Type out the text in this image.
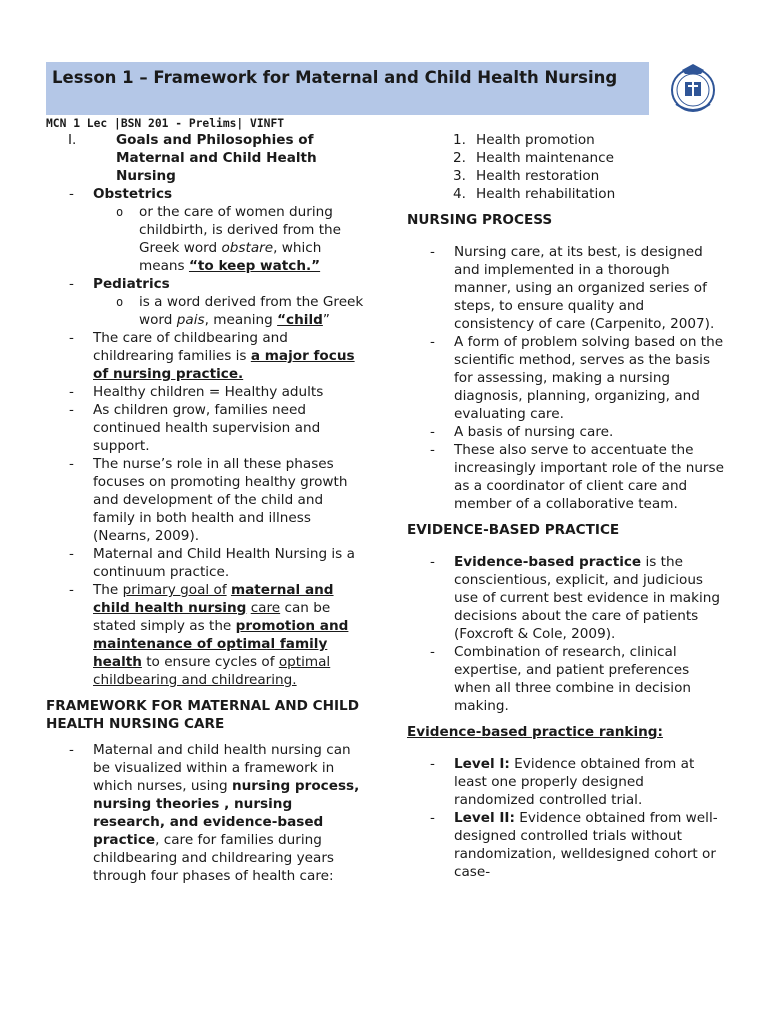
Lesson 1 – Framework for Maternal and Child Health Nursing
MCN 1 Lec |BSN 201 - Prelims| VINFT
I.	Goals and Philosophies of Maternal and Child Health Nursing
- Obstetrics
o or the care of women during childbirth, is derived from the Greek word obstare, which means “to keep watch.”
- Pediatrics
o is a word derived from the Greek word pais, meaning “child”
- The care of childbearing and childrearing families is a major focus of nursing practice.
- Healthy children = Healthy adults
- As children grow, families need continued health supervision and support.
- The nurse’s role in all these phases focuses on promoting healthy growth and development of the child and family in both health and illness (Nearns, 2009).
- Maternal and Child Health Nursing is a continuum practice.
- The primary goal of maternal and child health nursing care can be stated simply as the promotion and maintenance of optimal family health to ensure cycles of optimal childbearing and childrearing.
FRAMEWORK FOR MATERNAL AND CHILD HEALTH NURSING CARE
- Maternal and child health nursing can be visualized within a framework in which nurses, using nursing process, nursing theories , nursing research, and evidence-based practice, care for families during childbearing and childrearing years through four phases of health care:
1. Health promotion
2. Health maintenance
3. Health restoration
4. Health rehabilitation
NURSING PROCESS
- Nursing care, at its best, is designed and implemented in a thorough manner, using an organized series of steps, to ensure quality and consistency of care (Carpenito, 2007).
- A form of problem solving based on the scientific method, serves as the basis for assessing, making a nursing diagnosis, planning, organizing, and evaluating care.
- A basis of nursing care.
- These also serve to accentuate the increasingly important role of the nurse as a coordinator of client care and member of a collaborative team.
EVIDENCE-BASED PRACTICE
- Evidence-based practice is the conscientious, explicit, and judicious use of current best evidence in making decisions about the care of patients (Foxcroft & Cole, 2009).
- Combination of research, clinical expertise, and patient preferences when all three combine in decision making.
Evidence-based practice ranking:
- Level I: Evidence obtained from at least one properly designed randomized controlled trial.
- Level II: Evidence obtained from well-designed controlled trials without randomization, welldesigned cohort or case-
